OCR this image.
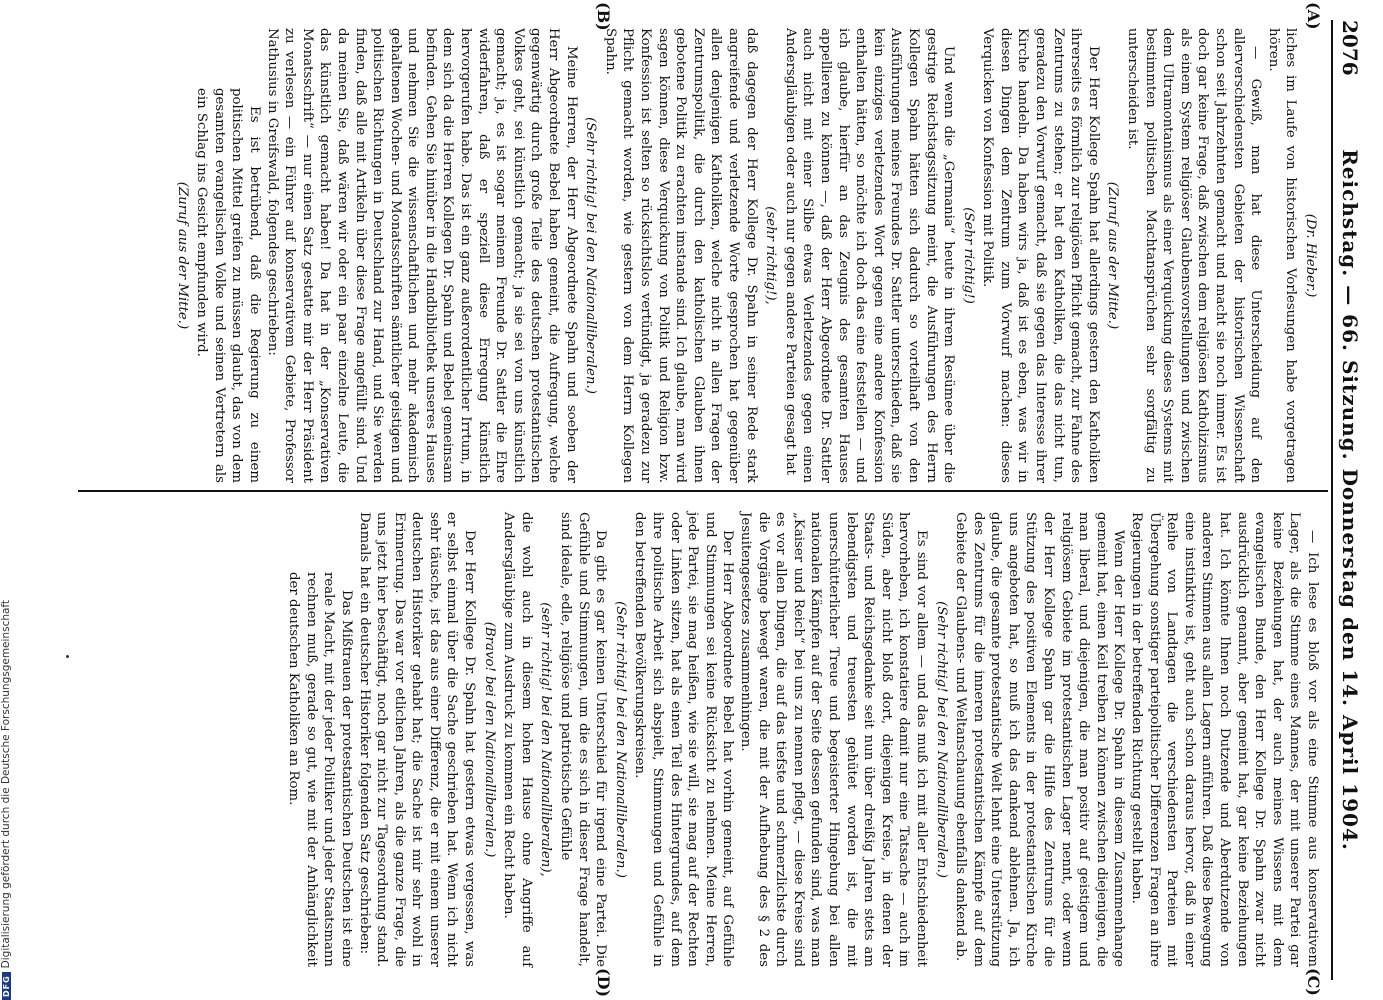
2076
Reichstag. — 66. Sitzung. Donnerstag den 14. April 1904.
(A)
(B)
(C)
(D)
(Dr. Hieber.)

liches im Laufe von historischen Vorlesungen habe vorgetragen hören.

— Gewiß, man hat diese Unterscheidung auf den allerverschiedensten Gebieten der historischen Wissenschaft schon seit Jahrzehnten gemacht und macht sie noch immer. Es ist doch gar keine Frage, daß zwischen dem religiösen Katholizismus als einem System religiöser Glaubensvorstellungen und zwischen dem Ultramontanismus als einer Verquickung dieses Systems mit bestimmten politischen Machtansprüchen sehr sorgfältig zu unterscheiden ist.

(Zuruf aus der Mitte.)

Der Herr Kollege Spahn hat allerdings gestern den Katholiken ihrerseits es förmlich zur religiösen Pflicht gemacht, zur Fahne des Zentrums zu stehen; er hat den Katholiken, die das nicht tun, geradezu den Vorwurf gemacht, daß sie gegen das Interesse ihrer Kirche handeln. Da haben wirs ja, daß ist es eben, was wir in diesen Dingen dem Zentrum zum Vorwurf machen: dieses Verquicken von Konfession mit Politik.

(Sehr richtig!)

Und wenn die „Germania“ heute in ihrem Resümee über die gestrige Reichstagssitzung meint, die Ausführungen des Herrn Kollegen Spahn hätten sich dadurch so vorteilhaft von den Ausführungen meines Freundes Dr. Sattler unterschieden, daß sie kein einziges verletzendes Wort gegen eine andere Konfession enthalten hätten, so möchte ich doch das eine feststellen — und ich glaube, hierfür an das Zeugnis des gesamten Hauses appellieren zu können —, daß der Herr Abgeordnete Dr. Sattler auch nicht mit einer Silbe etwas Verletzendes gegen einen Andersgläubigen oder auch nur gegen andere Parteien gesagt hat

(sehr richtig!),

daß dagegen der Herr Kollege Dr. Spahn in seiner Rede stark angreifende und verletzende Worte gesprochen hat gegenüber allen denjenigen Katholiken, welche nicht in allen Fragen der Zentrumspolitik, die durch den katholischen Glauben ihnen gebotene Politik zu erachten imstande sind. Ich glaube, man wird sagen können, diese Verquickung von Politik und Religion bzw. Konfession ist selten so rücksichtslos vertündigt, ja geradezu zur Pflicht gemacht worden, wie gestern von dem Herrn Kollegen Spahn.

(Sehr richtig! bei den Nationalliberalen.)

Meine Herren, der Herr Abgeordnete Spahn und soeben der Herr Abgeordnete Bebel haben gemeint, die Aufregung, welche gegenwärtig durch große Teile des deutschen protestantischen Volkes geht, sei künstlich gemacht; ja sie sei von uns künstlich gemacht; ja, es ist sogar meinem Freunde Dr. Sattler die Ehre widerfahren, daß er speziell diese Erregung künstlich hervorgerufen habe. Das ist ein ganz außerordentlicher Irrtum, in dem sich da die Herren Kollegen Dr. Spahn und Bebel gemeinsam befinden. Gehen Sie hinüber in die Handbibliothek unseres Hauses und nehmen Sie die wissenschaftlichen und mehr akademisch gehaltenen Wochen- und Monatsschriften sämtlicher geistigen und politischen Richtungen in Deutschland zur Hand, und Sie werden finden, daß alle mit Artikeln über diese Frage angefüllt sind. Und da meinen Sie, daß wären wir oder ein paar einzelne Leute, die das künstlich gemacht haben! Da hat in der „Konservativen Monatsschrift“ — nur einen Satz gestatte mir der Herr Präsident zu verlesen — ein Führer auf konservativem Gebiete, Professor Nathusius in Greifswald, folgendes geschrieben:

Es ist betrübend, daß die Regierung zu einem politischen Mittel greifen zu müssen glaubt, das von dem gesamten evangelischen Volke und seinen Vertretern als ein Schlag ins Gesicht empfunden wird.

(Zuruf aus der Mitte.)

— Ich lese es bloß vor als eine Stimme aus konservativem Lager, als die Stimme eines Mannes, der mit unserer Partei gar keine Beziehungen hat, der auch meines Wissens mit dem evangelischen Bunde, den Herr Kollege Dr. Spahn zwar nicht ausdrücklich genannt, aber gemeint hat, gar keine Beziehungen hat. Ich könnte Ihnen noch Dutzende und Aberdutzende von anderen Stimmen aus allen Lagern anführen. Daß diese Bewegung eine instinktive ist, geht auch schon daraus hervor, daß in einer Reihe von Landtagen die verschiedensten Parteien mit Übergehung sonstiger parteipolitischer Differenzen Fragen an ihre Regierungen in der betreffenden Richtung gestellt haben.

Wenn der Herr Kollege Dr. Spahn in diesem Zusammenhange gemeint hat, einen Keil treiben zu können zwischen diejenigen, die man liberal, und diejenigen, die man positiv auf geistigem und religiösem Gebiete im protestantischen Lager nennt, oder wenn der Herr Kollege Spahn gar die Hilfe des Zentrums für die Stützung des positiven Elements in der protestantischen Kirche uns angeboten hat, so muß ich das dankend ablehnen. Ja, ich glaube, die gesamte protestantische Welt lehnt eine Unterstützung des Zentrums für die inneren protestantischen Kämpfe auf dem Gebiete der Glaubens- und Weltanschauung ebenfalls dankend ab.

(Sehr richtig! bei den Nationalliberalen.)

Es sind vor allem — und das muß ich mit aller Entschiedenheit hervorheben, ich konstatiere damit nur eine Tatsache — auch im Süden, aber nicht bloß dort, diejenigen Kreise, in denen der Staats- und Reichsgedanke seit nun über dreißig Jahren stets am lebendigsten und treuesten gehütet worden ist, die mit unerschütterlicher Treue und begeisterter Hingebung bei allen nationalen Kämpfen auf der Seite dessen gefunden sind, was man „Kaiser und Reich“ bei uns zu nennen pflegt, — diese Kreise sind es vor allen Dingen, die auf das tiefste und schmerzlichste durch die Vorgänge bewegt waren, die mit der Aufhebung des § 2 des Jesuitengesetzes zusammenhingen.

Der Herr Abgeordnete Bebel hat vorhin gemeint, auf Gefühle und Stimmungen sei keine Rücksicht zu nehmen. Meine Herren, jede Partei, sie mag heißen, wie sie will, sie mag auf der Rechten oder Linken sitzen, hat als einen Teil des Hintergrundes, auf dem ihre politische Arbeit sich abspielt, Stimmungen und Gefühle in den betreffenden Bevölkerungskreisen.

(Sehr richtig! bei den Nationalliberalen.)

Da gibt es gar keinen Unterschied für irgend eine Partei. Die Gefühle und Stimmungen, um die es sich in dieser Frage handelt, sind ideale, edle, religiöse und patriotische Gefühle

(sehr richtig! bei den Nationalliberalen),

die wohl auch in diesem hohen Hause ohne Angriffe auf Andersgläubige zum Ausdruck zu kommen ein Recht haben.

(Bravo! bei den Nationalliberalen.)

Der Herr Kollege Dr. Spahn hat gestern etwas vergessen, was er selbst einmal über die Sache geschrieben hat. Wenn ich nicht sehr täusche, ist das aus einer Differenz, die er mit einem unserer deutschen Historiker gehabt hat; die Sache ist mir sehr wohl in Erinnerung. Das war vor etlichen Jahren, als die ganze Frage, die uns jetzt hier beschäftigt, noch gar nicht zur Tagesordnung stand. Damals hat ein deutscher Historiker folgenden Satz geschrieben:

Das Mißtrauen der protestantischen Deutschen ist eine reale Macht, mit der jeder Politiker und jeder Staatsmann rechnen muß, gerade so gut, wie mit der Anhänglichkeit der deutschen Katholiken an Rom.

DFGDigitalisierung gefördert durch die Deutsche Forschungsgemeinschaft
